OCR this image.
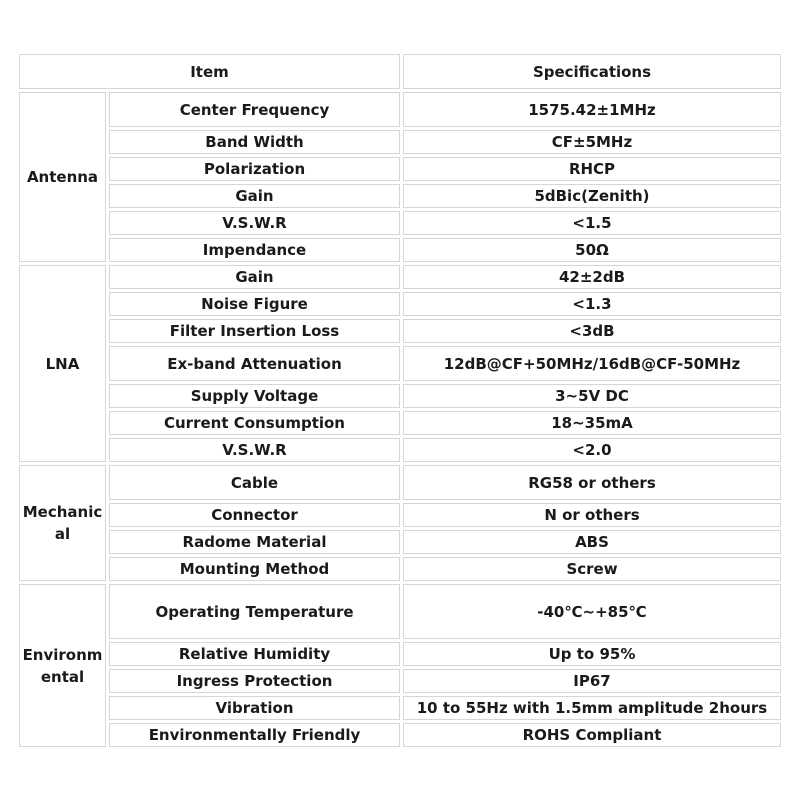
Item		Specifications
Antenna	Center Frequency	1575.42±1MHz
	Band Width	CF±5MHz
	Polarization	RHCP
	Gain	5dBic(Zenith)
	V.S.W.R	<1.5
	Impendance	50Ω
LNA	Gain	42±2dB
	Noise Figure	<1.3
	Filter Insertion Loss	<3dB
	Ex-band Attenuation	12dB@CF+50MHz/16dB@CF-50MHz
	Supply Voltage	3~5V DC
	Current Consumption	18~35mA
	V.S.W.R	<2.0
Mechanical	Cable	RG58 or others
	Connector	N or others
	Radome Material	ABS
	Mounting Method	Screw
Environmental	Operating Temperature	-40℃~+85℃
	Relative Humidity	Up to 95%
	Ingress Protection	IP67
	Vibration	10 to 55Hz with 1.5mm amplitude 2hours
	Environmentally Friendly	ROHS Compliant
